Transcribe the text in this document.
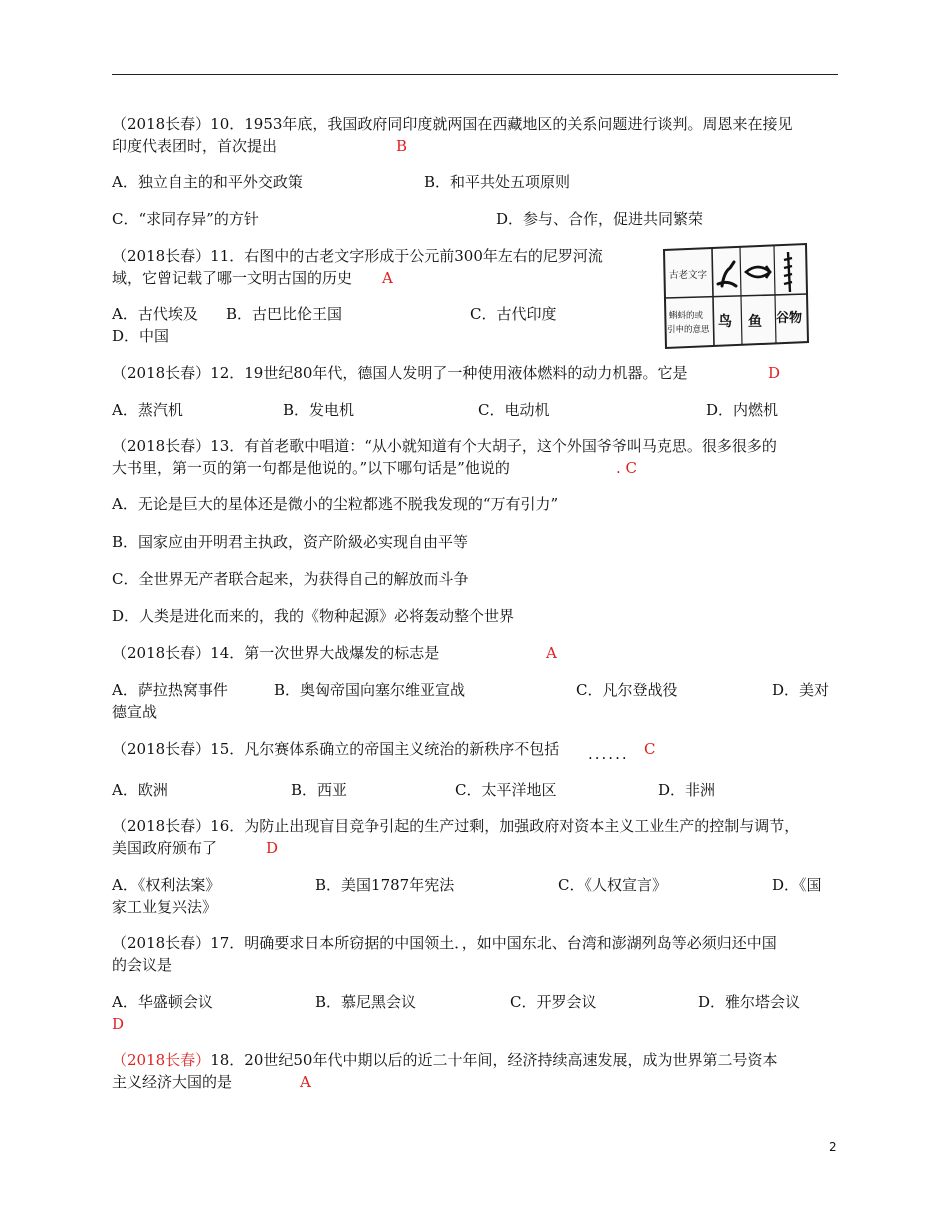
（2018长春）10．1953年底，我国政府同印度就两国在西藏地区的关系问题进行谈判。周恩来在接见
印度代表团时，首次提出	B
A．独立自主的和平外交政策	B．和平共处五项原则
C．“求同存异”的方针	D．参与、合作，促进共同繁荣
（2018长春）11．右图中的古老文字形成于公元前300年左右的尼罗河流
域，它曾记载了哪一文明古国的历史 A
A．古代埃及 B．古巴比伦王国	C．古代印度
D．中国
古老文字
蝌蚪的或
引申的意思 鸟 鱼 谷物
（2018长春）12．19世纪80年代，德国人发明了一种使用液体燃料的动力机器。它是	D
A．蒸汽机	B．发电机	C．电动机	D．内燃机
（2018长春）13．有首老歌中唱道：“从小就知道有个大胡子，这个外国爷爷叫马克思。很多很多的
大书里，第一页的第一句都是他说的。”以下哪句话是”他说的	. C
A．无论是巨大的星体还是微小的尘粒都逃不脱我发现的“万有引力”
B．国家应由开明君主执政，资产阶級必实现自由平等
C．全世界无产者联合起来，为获得自己的解放而斗争
D．人类是进化而来的，我的《物种起源》必将轰动整个世界
（2018长春）14．第一次世界大战爆发的标志是	A
A．萨拉热窝事件	B．奥匈帝国向塞尔维亚宣战	C．凡尔登战役	D．美对
德宣战
（2018长春）15．凡尔赛体系确立的帝国主义统治的新秩序不包括 ...... C
A．欧洲	B．西亚	C．太平洋地区	D．非洲
（2018长春）16．为防止出现盲目竞争引起的生产过剩，加强政府对资本主义工业生产的控制与调节，
美国政府颁布了	D
A．《权利法案》	B．美国1787年宪法	C．《人权宣言》	D．《国
家工业复兴法》
（2018长春）17．明确要求日本所窃据的中国领土．，如中国东北、台湾和澎湖列岛等必须归还中国
的会议是
A．华盛顿会议	B．慕尼黑会议	C．开罗会议	D．雅尔塔会议
D
（2018长春）18．20世纪50年代中期以后的近二十年间，经济持续高速发展，成为世界第二号资本
主义经济大国的是	A
2
